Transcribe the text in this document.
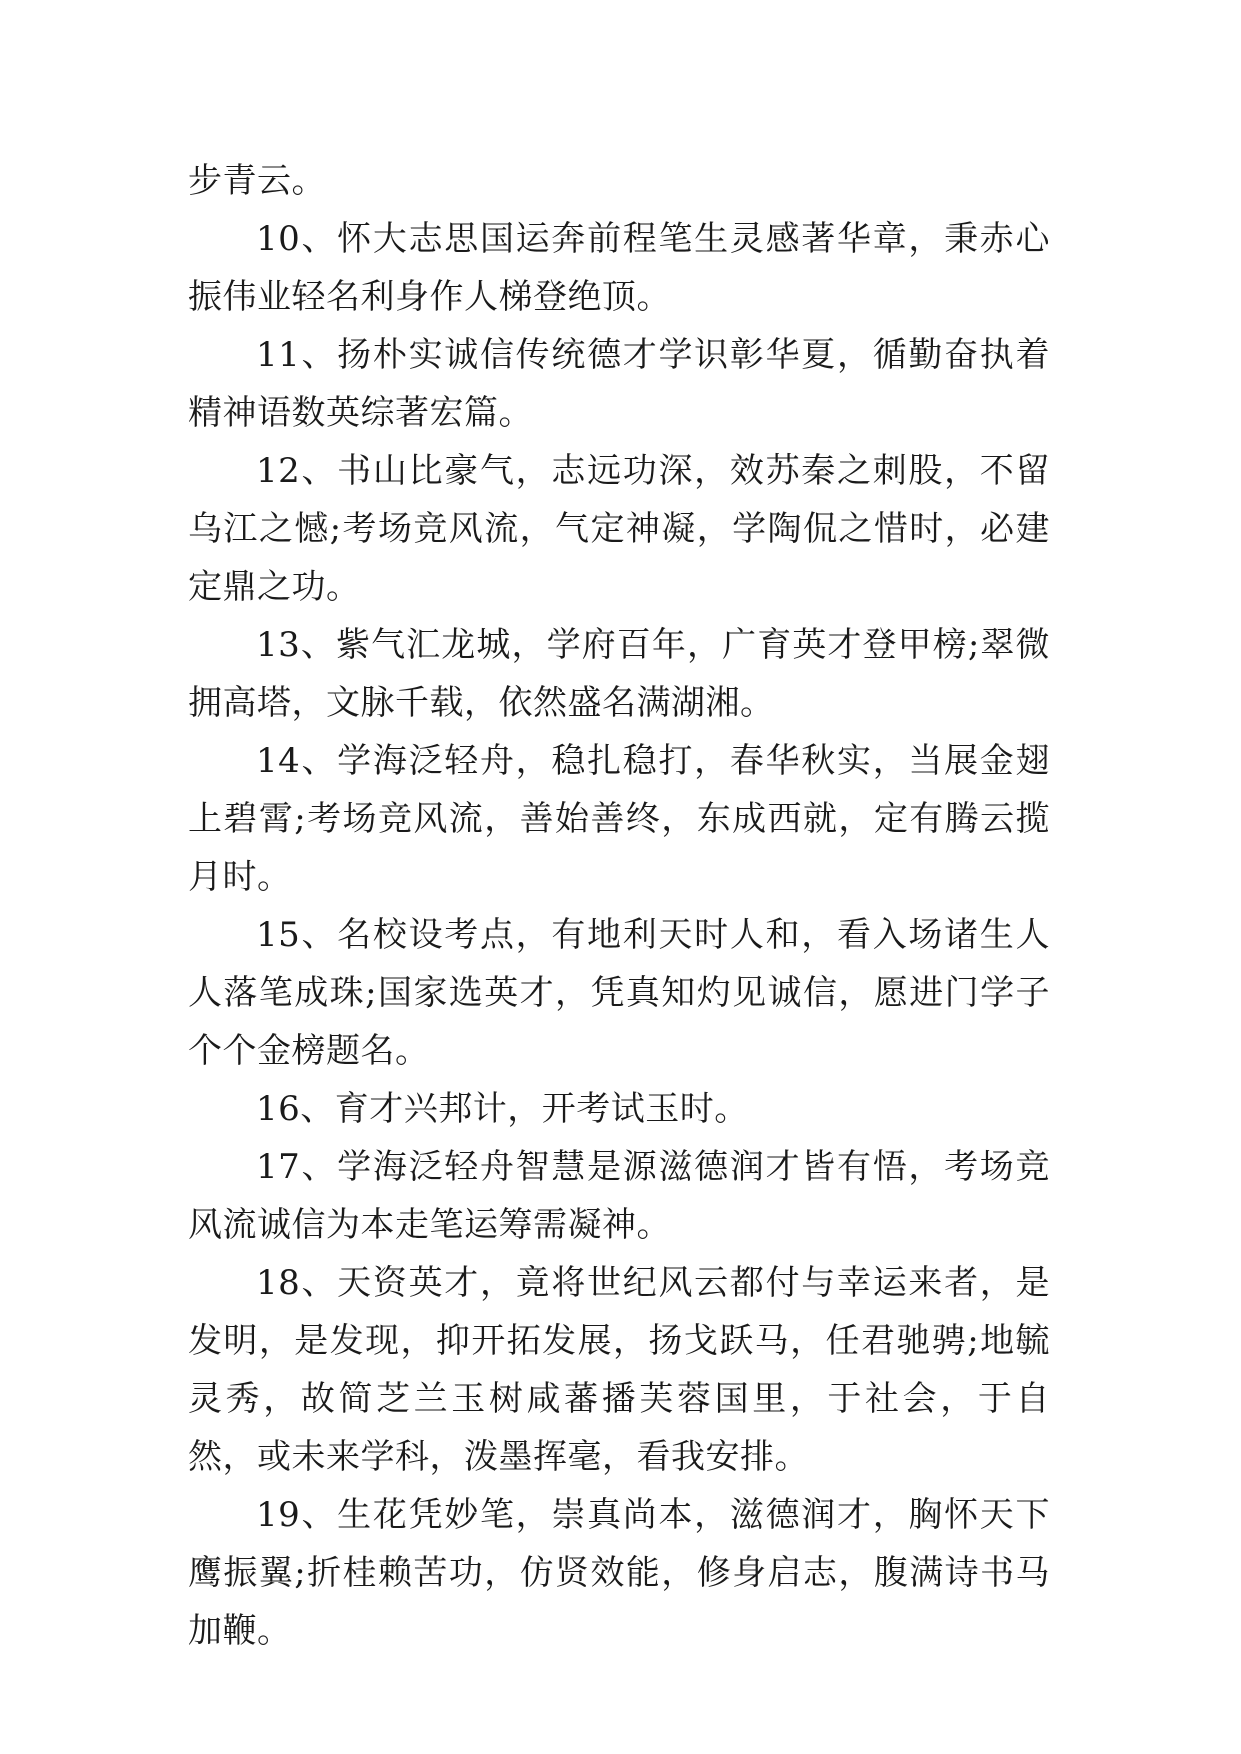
步青云。

10、怀大志思国运奔前程笔生灵感著华章，秉赤心振伟业轻名利身作人梯登绝顶。

11、扬朴实诚信传统德才学识彰华夏，循勤奋执着精神语数英综著宏篇。

12、书山比豪气，志远功深，效苏秦之刺股，不留乌江之憾;考场竞风流，气定神凝，学陶侃之惜时，必建定鼎之功。

13、紫气汇龙城，学府百年，广育英才登甲榜;翠微拥高塔，文脉千载，依然盛名满湖湘。

14、学海泛轻舟，稳扎稳打，春华秋实，当展金翅上碧霄;考场竞风流，善始善终，东成西就，定有腾云揽月时。

15、名校设考点，有地利天时人和，看入场诸生人人落笔成珠;国家选英才，凭真知灼见诚信，愿进门学子个个金榜题名。

16、育才兴邦计，开考试玉时。

17、学海泛轻舟智慧是源滋德润才皆有悟，考场竞风流诚信为本走笔运筹需凝神。

18、天资英才，竟将世纪风云都付与幸运来者，是发明，是发现，抑开拓发展，扬戈跃马，任君驰骋;地毓灵秀，故简芝兰玉树咸蕃播芙蓉国里，于社会，于自然，或未来学科，泼墨挥毫，看我安排。

19、生花凭妙笔，崇真尚本，滋德润才，胸怀天下鹰振翼;折桂赖苦功，仿贤效能，修身启志，腹满诗书马加鞭。
